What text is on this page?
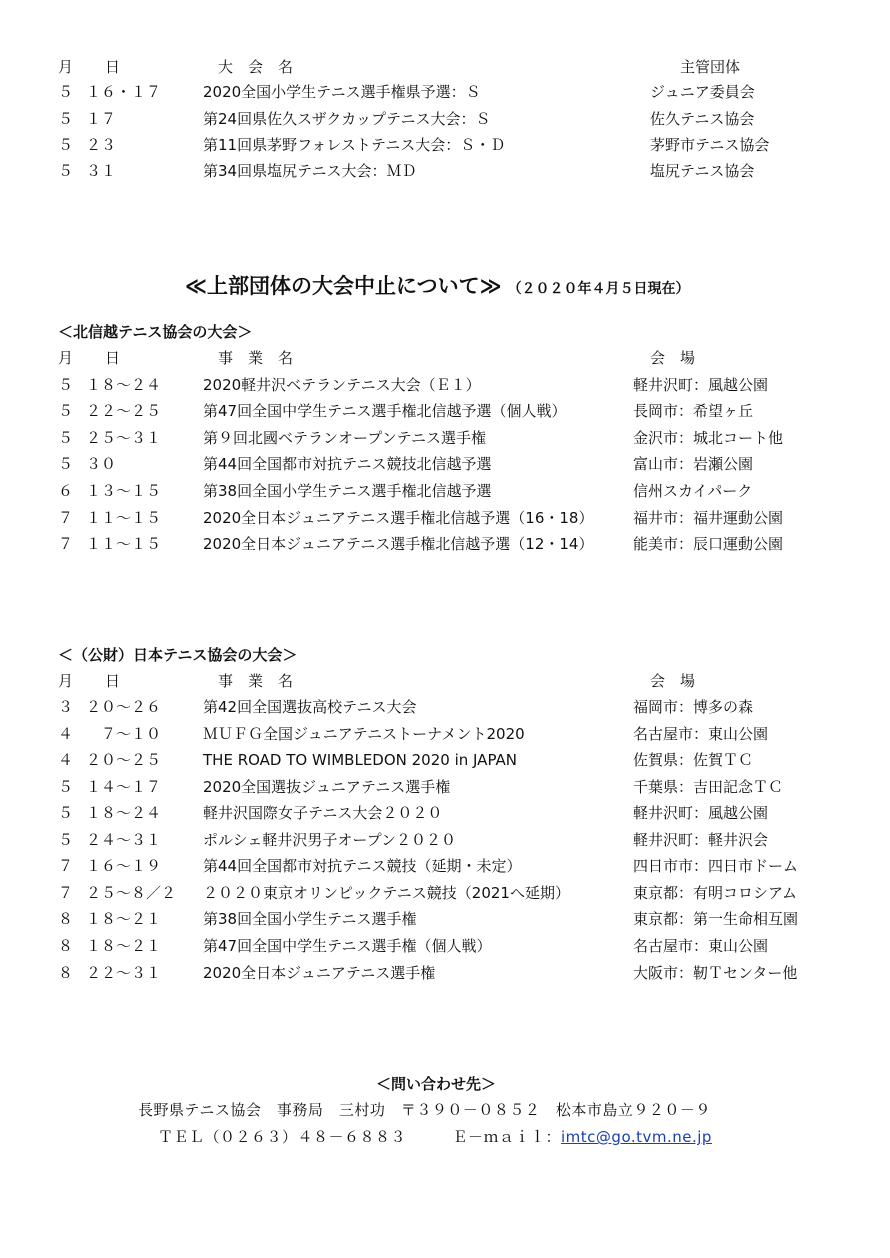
月 日	大　会　名	主管団体
５ １６・１７	2020全国小学生テニス選手権県予選：Ｓ	ジュニア委員会
５ １７	第24回県佐久スザクカップテニス大会：Ｓ	佐久テニス協会
５ ２３	第11回県茅野フォレストテニス大会：Ｓ・Ｄ	茅野市テニス協会
５ ３１	第34回県塩尻テニス大会：ＭＤ	塩尻テニス協会
≪上部団体の大会中止について≫ （２０２０年４月５日現在）
＜北信越テニス協会の大会＞
月 日	事　業　名	会　場
５ １８～２４	2020軽井沢ベテランテニス大会（Ｅ１）	軽井沢町：風越公園
５ ２２～２５	第47回全国中学生テニス選手権北信越予選（個人戦）	長岡市：希望ヶ丘
５ ２５～３１	第９回北國ベテランオープンテニス選手権	金沢市：城北コート他
５ ３０	第44回全国都市対抗テニス競技北信越予選	富山市：岩瀬公園
６ １３～１５	第38回全国小学生テニス選手権北信越予選	信州スカイパーク
７ １１～１５	2020全日本ジュニアテニス選手権北信越予選（16・18）	福井市：福井運動公園
７ １１～１５	2020全日本ジュニアテニス選手権北信越予選（12・14）	能美市：辰口運動公園
＜（公財）日本テニス協会の大会＞
月 日	事　業　名	会　場
３ ２０～２６	第42回全国選抜高校テニス大会	福岡市：博多の森
４ 　７～１０	ＭＵＦＧ全国ジュニアテニストーナメント2020	名古屋市：東山公園
４ ２０～２５	THE ROAD TO WIMBLEDON 2020 in JAPAN	佐賀県：佐賀ＴＣ
５ １４～１７	2020全国選抜ジュニアテニス選手権	千葉県：吉田記念ＴＣ
５ １８～２４	軽井沢国際女子テニス大会２０２０	軽井沢町：風越公園
５ ２４～３１	ポルシェ軽井沢男子オープン２０２０	軽井沢町：軽井沢会
７ １６～１９	第44回全国都市対抗テニス競技（延期・未定）	四日市市：四日市ドーム
７ ２５～８／２ ２０２０東京オリンピックテニス競技（2021へ延期）	東京都：有明コロシアム
８ １８～２１	第38回全国小学生テニス選手権	東京都：第一生命相互園
８ １８～２１	第47回全国中学生テニス選手権（個人戦）	名古屋市：東山公園
８ ２２～３１	2020全日本ジュニアテニス選手権	大阪市：靭Ｔセンター他
＜問い合わせ先＞
長野県テニス協会　事務局　三村功　〒３９０－０８５２　松本市島立９２０－９
ＴＥＬ（０２６３）４８－６８８３　　　Ｅ－ｍａｉｌ：imtc@go.tvm.ne.jp
